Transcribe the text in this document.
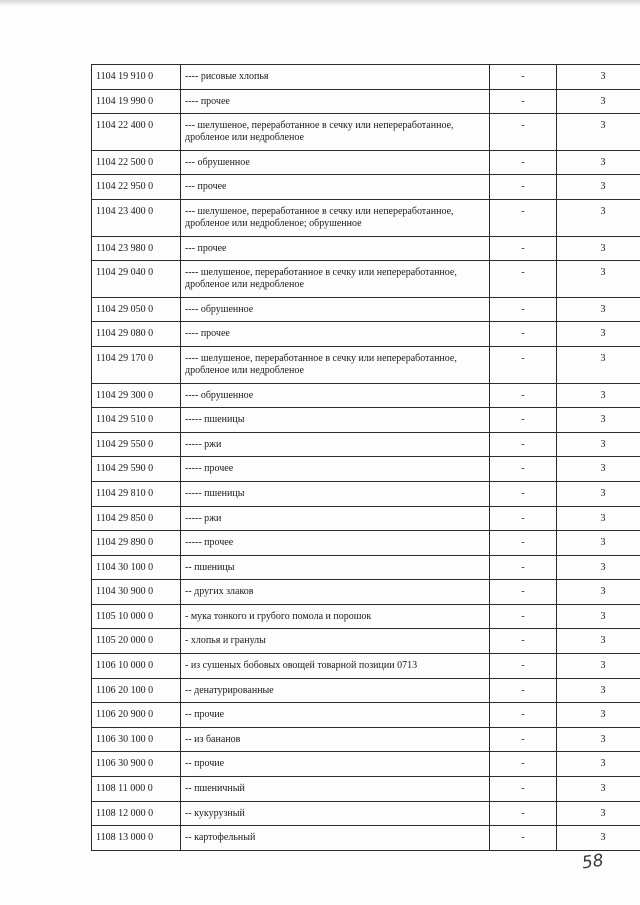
1104 19 910 0	---- рисовые хлопья	-	3
1104 19 990 0	---- прочее	-	3
1104 22 400 0	--- шелушеное, переработанное в сечку или непереработанное, дробленое или недробленое	-	3
1104 22 500 0	--- обрушенное	-	3
1104 22 950 0	--- прочее	-	3
1104 23 400 0	--- шелушеное, переработанное в сечку или непереработанное, дробленое или недробленое; обрушенное	-	3
1104 23 980 0	--- прочее	-	3
1104 29 040 0	---- шелушеное, переработанное в сечку или непереработанное, дробленое или недробленое	-	3
1104 29 050 0	---- обрушенное	-	3
1104 29 080 0	---- прочее	-	3
1104 29 170 0	---- шелушеное, переработанное в сечку или непереработанное, дробленое или недробленое	-	3
1104 29 300 0	---- обрушенное	-	3
1104 29 510 0	----- пшеницы	-	3
1104 29 550 0	----- ржи	-	3
1104 29 590 0	----- прочее	-	3
1104 29 810 0	----- пшеницы	-	3
1104 29 850 0	----- ржи	-	3
1104 29 890 0	----- прочее	-	3
1104 30 100 0	-- пшеницы	-	3
1104 30 900 0	-- других злаков	-	3
1105 10 000 0	- мука тонкого и грубого помола и порошок	-	3
1105 20 000 0	- хлопья и гранулы	-	3
1106 10 000 0	- из сушеных бобовых овощей товарной позиции 0713	-	3
1106 20 100 0	-- денатурированные	-	3
1106 20 900 0	-- прочие	-	3
1106 30 100 0	-- из бананов	-	3
1106 30 900 0	-- прочие	-	3
1108 11 000 0	-- пшеничный	-	3
1108 12 000 0	-- кукурузный	-	3
1108 13 000 0	-- картофельный	-	3
58
